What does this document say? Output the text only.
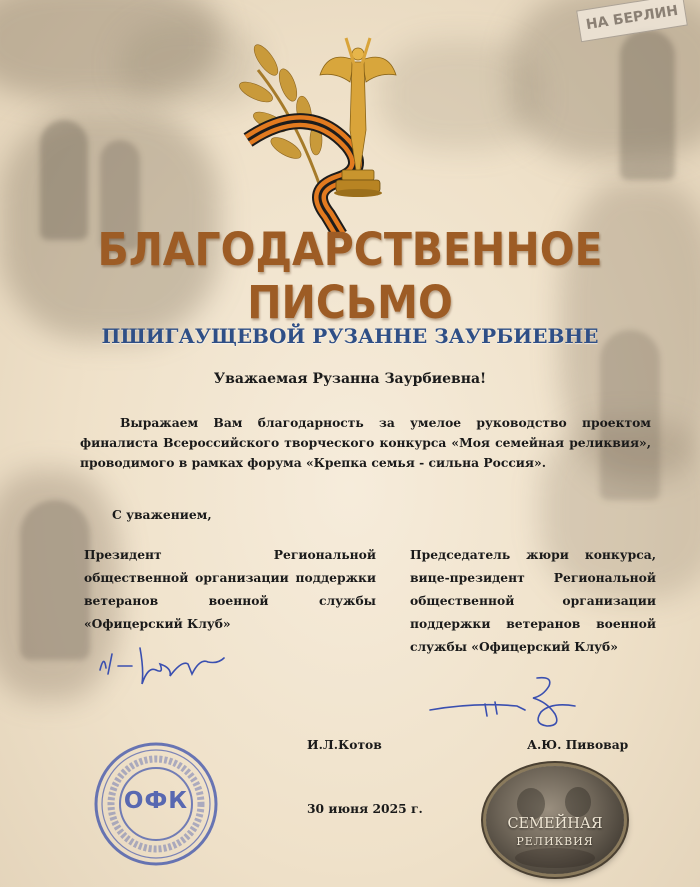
НА БЕРЛИН
БЛАГОДАРСТВЕННОЕ ПИСЬМО
ПШИГАУЩЕВОЙ РУЗАННЕ ЗАУРБИЕВНЕ
Уважаемая Рузанна Заурбиевна!
Выражаем Вам благодарность за умелое руководство проектом финалиста Всероссийского творческого конкурса «Моя семейная реликвия», проводимого в рамках форума «Крепка семья - сильна Россия».
С уважением,
Президент Региональной общественной организации поддержки ветеранов военной службы «Офицерский Клуб»
Председатель жюри конкурса, вице-президент Региональной общественной организации поддержки ветеранов военной службы «Офицерский Клуб»
И.Л.Котов	А.Ю. Пивовар
30 июня 2025 г.
ОФК
СЕМЕЙНАЯ
РЕЛИКВИЯ
